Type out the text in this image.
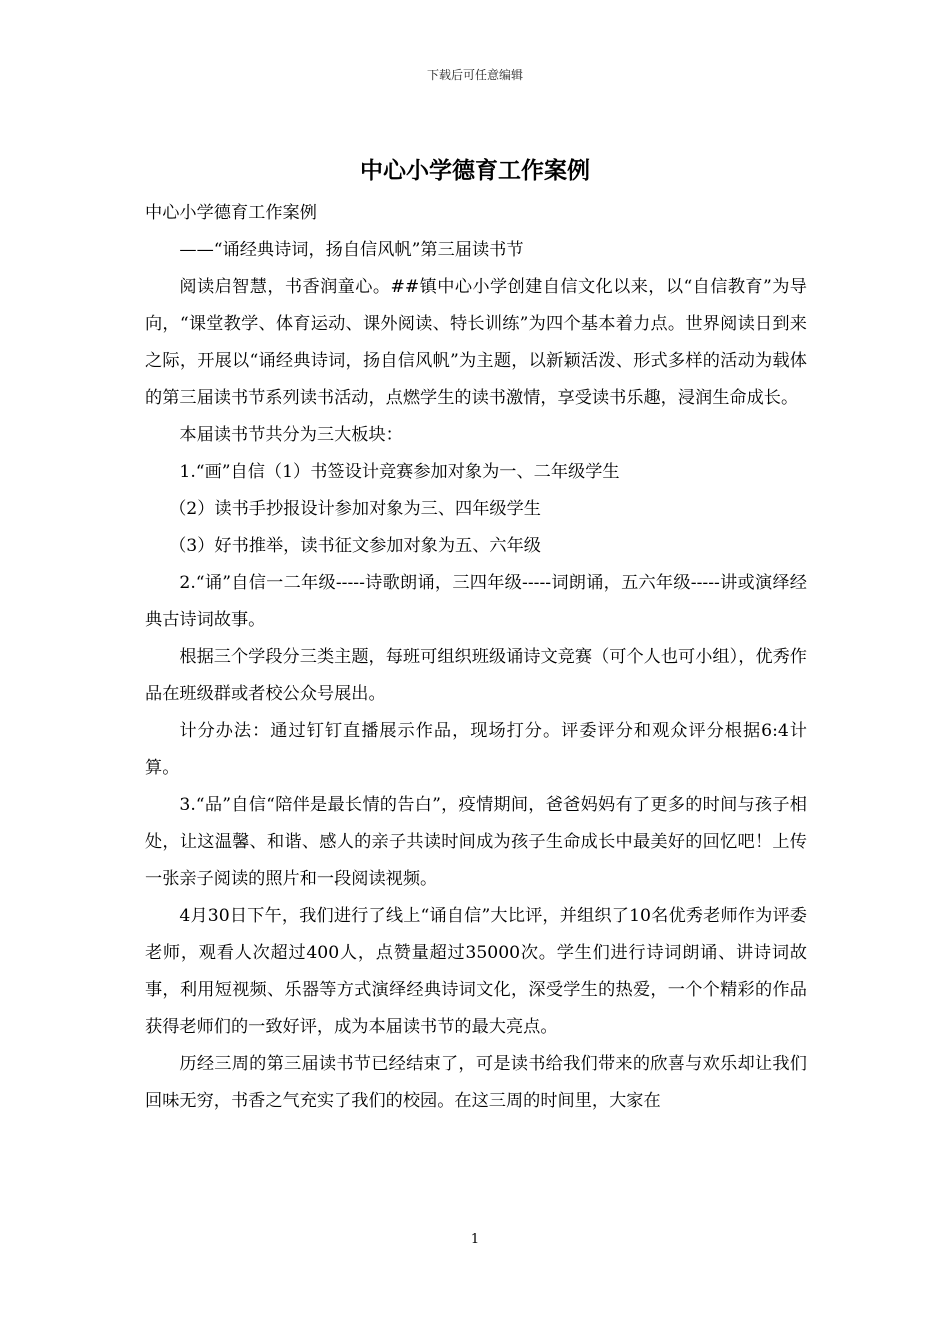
下载后可任意编辑
中心小学德育工作案例

中心小学德育工作案例

——“诵经典诗词，扬自信风帆”第三届读书节

阅读启智慧，书香润童心。##镇中心小学创建自信文化以来，以“自信教育”为导向，“课堂教学、体育运动、课外阅读、特长训练”为四个基本着力点。世界阅读日到来之际，开展以“诵经典诗词，扬自信风帆”为主题，以新颖活泼、形式多样的活动为载体的第三届读书节系列读书活动，点燃学生的读书激情，享受读书乐趣，浸润生命成长。

本届读书节共分为三大板块：

1.“画”自信（1）书签设计竞赛参加对象为一、二年级学生

（2）读书手抄报设计参加对象为三、四年级学生

（3）好书推举，读书征文参加对象为五、六年级

2.“诵”自信一二年级-----诗歌朗诵，三四年级-----词朗诵，五六年级-----讲或演绎经典古诗词故事。

根据三个学段分三类主题，每班可组织班级诵诗文竞赛（可个人也可小组），优秀作品在班级群或者校公众号展出。

计分办法：通过钉钉直播展示作品，现场打分。评委评分和观众评分根据6:4计算。

3.“品”自信“陪伴是最长情的告白”，疫情期间，爸爸妈妈有了更多的时间与孩子相处，让这温馨、和谐、感人的亲子共读时间成为孩子生命成长中最美好的回忆吧！上传一张亲子阅读的照片和一段阅读视频。

4月30日下午，我们进行了线上“诵自信”大比评，并组织了10名优秀老师作为评委老师，观看人次超过400人，点赞量超过35000次。学生们进行诗词朗诵、讲诗词故事，利用短视频、乐器等方式演绎经典诗词文化，深受学生的热爱，一个个精彩的作品获得老师们的一致好评，成为本届读书节的最大亮点。

历经三周的第三届读书节已经结束了，可是读书给我们带来的欣喜与欢乐却让我们回味无穷，书香之气充实了我们的校园。在这三周的时间里，大家在

1
